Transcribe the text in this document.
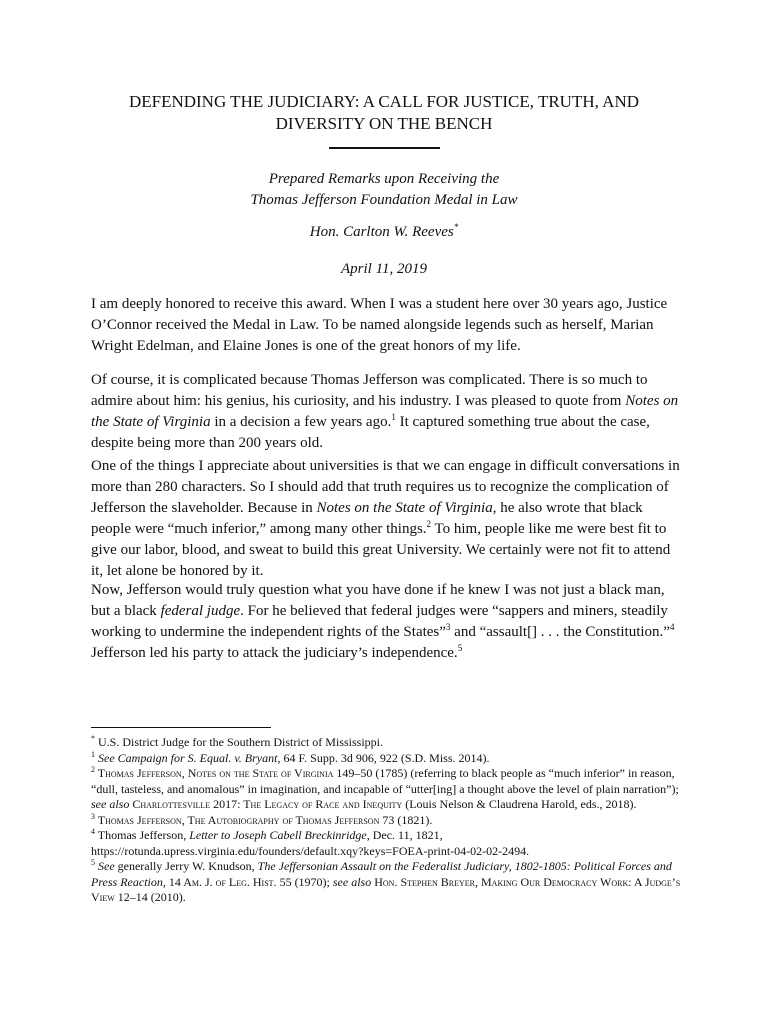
DEFENDING THE JUDICIARY: A CALL FOR JUSTICE, TRUTH, AND
DIVERSITY ON THE BENCH
Prepared Remarks upon Receiving the
Thomas Jefferson Foundation Medal in Law
Hon. Carlton W. Reeves*
April 11, 2019

I am deeply honored to receive this award. When I was a student here over 30 years ago, Justice O’Connor received the Medal in Law. To be named alongside legends such as herself, Marian Wright Edelman, and Elaine Jones is one of the great honors of my life.

Of course, it is complicated because Thomas Jefferson was complicated. There is so much to admire about him: his genius, his curiosity, and his industry. I was pleased to quote from Notes on the State of Virginia in a decision a few years ago.$^1$ It captured something true about the case, despite being more than 200 years old.

One of the things I appreciate about universities is that we can engage in difficult conversations in more than 280 characters. So I should add that truth requires us to recognize the complication of Jefferson the slaveholder. Because in Notes on the State of Virginia, he also wrote that black people were “much inferior,” among many other things.$^2$ To him, people like me were best fit to give our labor, blood, and sweat to build this great University. We certainly were not fit to attend it, let alone be honored by it.

Now, Jefferson would truly question what you have done if he knew I was not just a black man, but a black federal judge. For he believed that federal judges were “sappers and miners, steadily working to undermine the independent rights of the States”$^3$ and “assault[] . . . the Constitution.”$^4$ Jefferson led his party to attack the judiciary’s independence.$^5$

* U.S. District Judge for the Southern District of Mississippi.

$^1$ See Campaign for S. Equal. v. Bryant, 64 F. Supp. 3d 906, 922 (S.D. Miss. 2014).

$^2$ Thomas Jefferson, Notes on the State of Virginia 149–50 (1785) (referring to black people as “much inferior” in reason, “dull, tasteless, and anomalous” in imagination, and incapable of “utter[ing] a thought above the level of plain narration”); see also Charlottesville 2017: The Legacy of Race and Inequity (Louis Nelson & Claudrena Harold, eds., 2018).

$^3$ Thomas Jefferson, The Autobiography of Thomas Jefferson 73 (1821).

$^4$ Thomas Jefferson, Letter to Joseph Cabell Breckinridge, Dec. 11, 1821,
https://rotunda.upress.virginia.edu/founders/default.xqy?keys=FOEA-print-04-02-02-2494.

$^5$ See generally Jerry W. Knudson, The Jeffersonian Assault on the Federalist Judiciary, 1802-1805: Political Forces and Press Reaction, 14 Am. J. of Leg. Hist. 55 (1970); see also Hon. Stephen Breyer, Making Our Democracy Work: A Judge’s View 12–14 (2010).
